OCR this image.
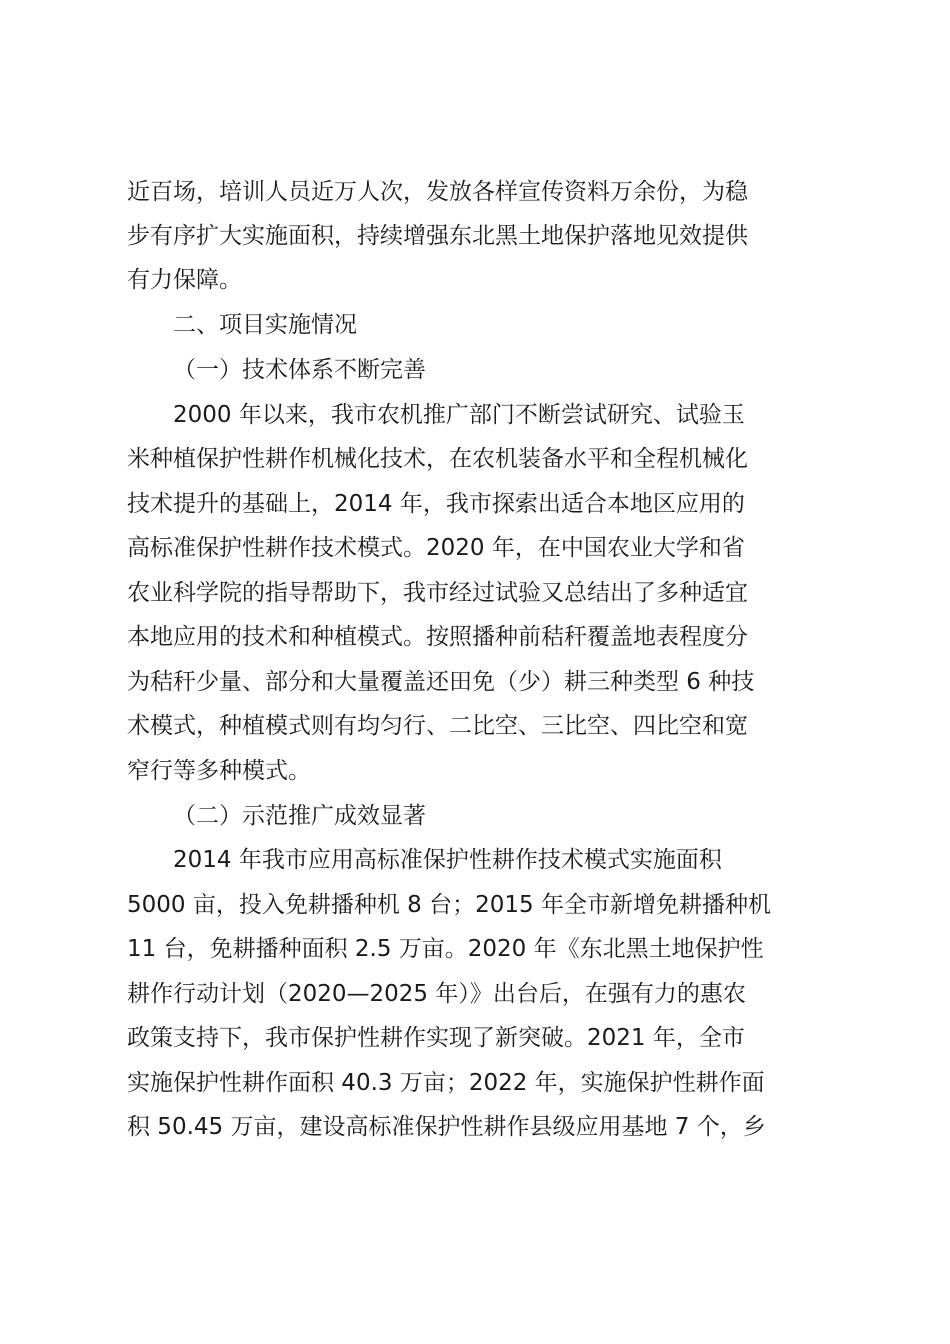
近百场，培训人员近万人次，发放各样宣传资料万余份，为稳
步有序扩大实施面积，持续增强东北黑土地保护落地见效提供
有力保障。
二、项目实施情况
（一）技术体系不断完善
2000 年以来，我市农机推广部门不断尝试研究、试验玉
米种植保护性耕作机械化技术，在农机装备水平和全程机械化
技术提升的基础上，2014 年，我市探索出适合本地区应用的
高标准保护性耕作技术模式。2020 年，在中国农业大学和省
农业科学院的指导帮助下，我市经过试验又总结出了多种适宜
本地应用的技术和种植模式。按照播种前秸秆覆盖地表程度分
为秸秆少量、部分和大量覆盖还田免（少）耕三种类型 6 种技
术模式，种植模式则有均匀行、二比空、三比空、四比空和宽
窄行等多种模式。
（二）示范推广成效显著
2014 年我市应用高标准保护性耕作技术模式实施面积
5000 亩，投入免耕播种机 8 台；2015 年全市新增免耕播种机
11 台，免耕播种面积 2.5 万亩。2020 年《东北黑土地保护性
耕作行动计划（2020—2025 年）》出台后，在强有力的惠农
政策支持下，我市保护性耕作实现了新突破。2021 年，全市
实施保护性耕作面积 40.3 万亩；2022 年，实施保护性耕作面
积 50.45 万亩，建设高标准保护性耕作县级应用基地 7 个，乡
